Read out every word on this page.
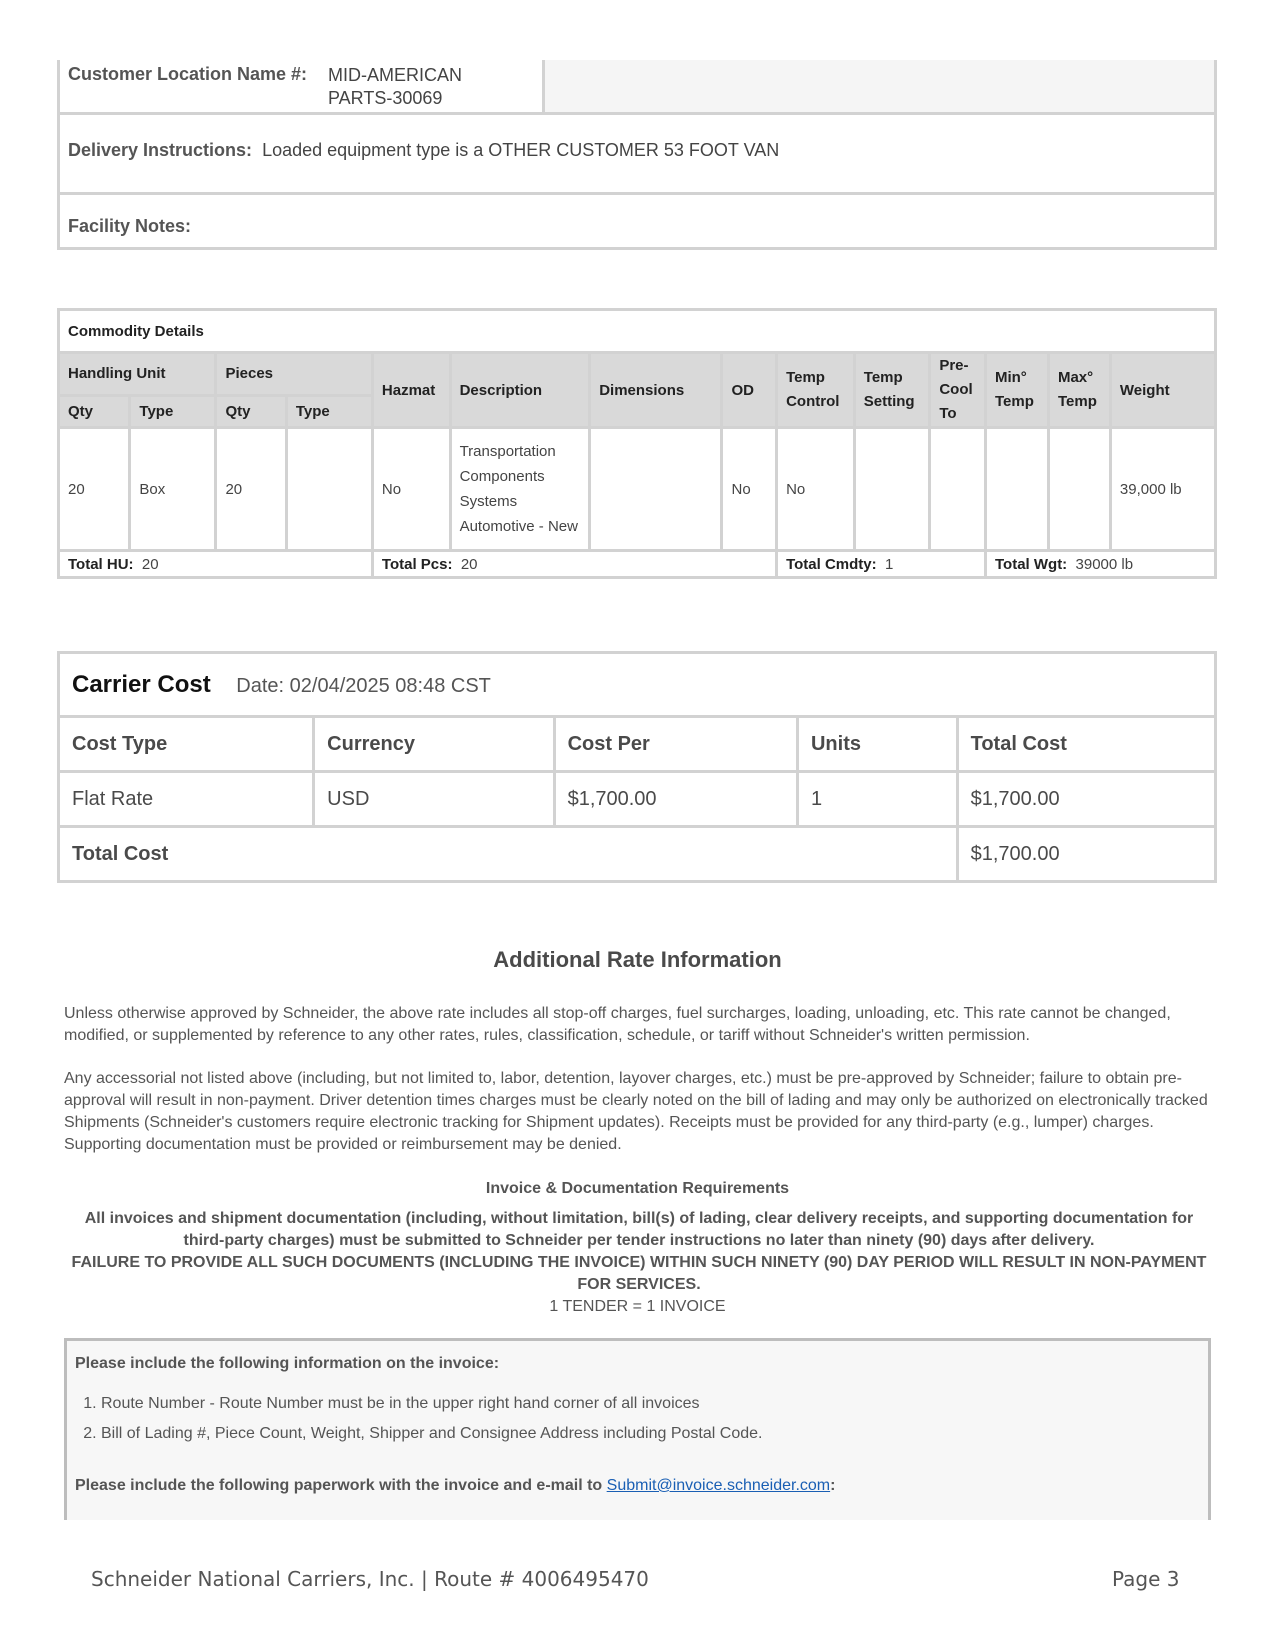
Customer Location Name #: MID-AMERICAN PARTS-30069
Delivery Instructions: Loaded equipment type is a OTHER CUSTOMER 53 FOOT VAN
Facility Notes:
Commodity Details													
Handling Unit		Pieces		Hazmat	Description	Dimensions	OD	Temp Control	Temp Setting	Pre-Cool To	Min° Temp	Max° Temp	Weight
Qty	Type	Qty	Type										
20	Box	20		No	Transportation Components Systems Automotive - New		No	No					39,000 lb
Total HU: 20				Total Pcs: 20				Total Cmdty: 1			Total Wgt: 39000 lb		
Carrier Cost Date: 02/04/2025 08:48 CST				
Cost Type	Currency	Cost Per	Units	Total Cost
Flat Rate	USD	$1,700.00	1	$1,700.00
Total Cost				$1,700.00
Additional Rate Information
Unless otherwise approved by Schneider, the above rate includes all stop-off charges, fuel surcharges, loading, unloading, etc. This rate cannot be changed, modified, or supplemented by reference to any other rates, rules, classification, schedule, or tariff without Schneider's written permission.
Any accessorial not listed above (including, but not limited to, labor, detention, layover charges, etc.) must be pre-approved by Schneider; failure to obtain pre-approval will result in non-payment. Driver detention times charges must be clearly noted on the bill of lading and may only be authorized on electronically tracked Shipments (Schneider's customers require electronic tracking for Shipment updates). Receipts must be provided for any third-party (e.g., lumper) charges. Supporting documentation must be provided or reimbursement may be denied.
Invoice & Documentation Requirements
All invoices and shipment documentation (including, without limitation, bill(s) of lading, clear delivery receipts, and supporting documentation for third-party charges) must be submitted to Schneider per tender instructions no later than ninety (90) days after delivery.
FAILURE TO PROVIDE ALL SUCH DOCUMENTS (INCLUDING THE INVOICE) WITHIN SUCH NINETY (90) DAY PERIOD WILL RESULT IN NON-PAYMENT FOR SERVICES.
1 TENDER = 1 INVOICE
Please include the following information on the invoice:
1. Route Number - Route Number must be in the upper right hand corner of all invoices
2. Bill of Lading #, Piece Count, Weight, Shipper and Consignee Address including Postal Code.
Please include the following paperwork with the invoice and e-mail to Submit@invoice.schneider.com:
Schneider National Carriers, Inc. | Route # 4006495470	Page 3
